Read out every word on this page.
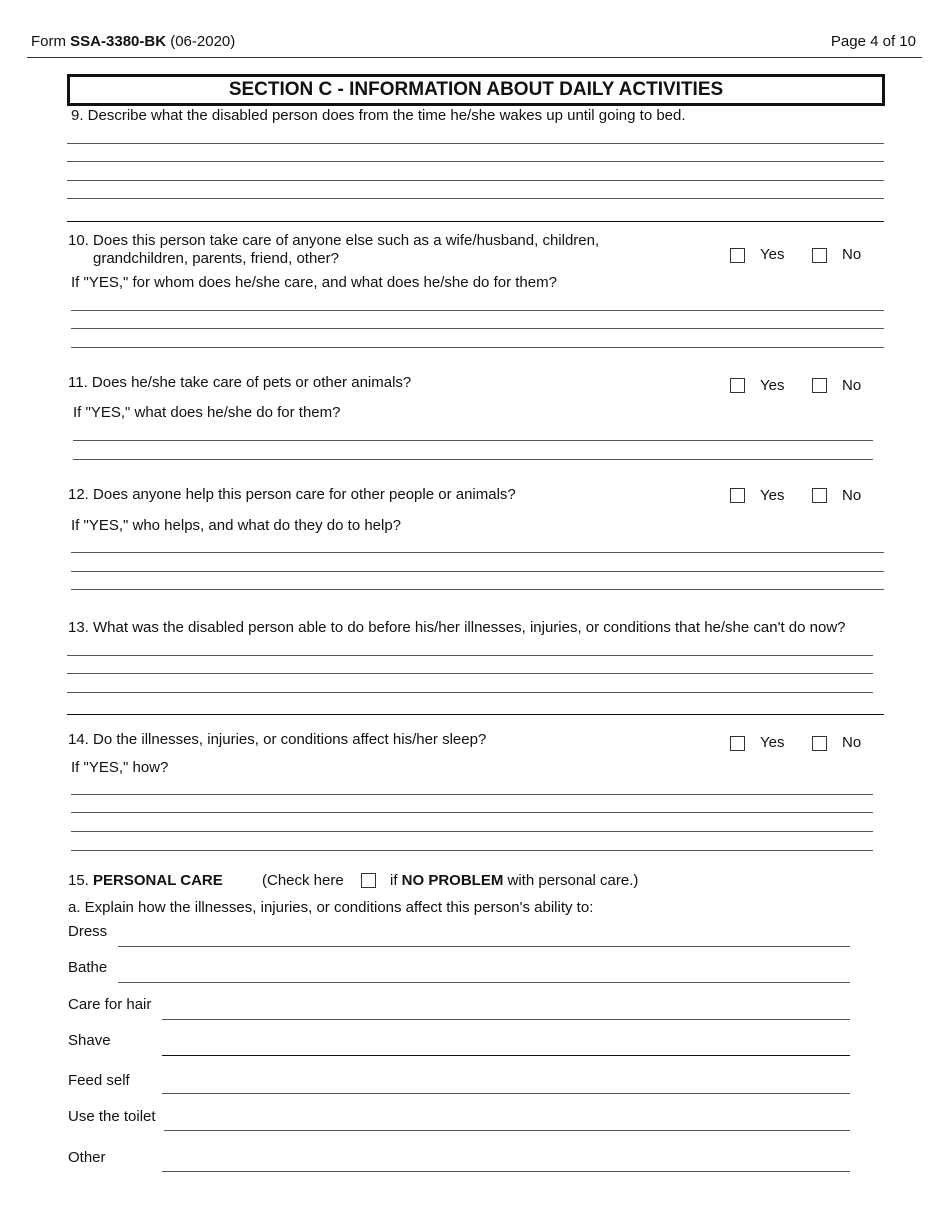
Form SSA-3380-BK (06-2020)	Page 4 of 10
SECTION C - INFORMATION ABOUT DAILY ACTIVITIES
9. Describe what the disabled person does from the time he/she wakes up until going to bed.
10. Does this person take care of anyone else such as a wife/husband, children,
grandchildren, parents, friend, other?	Yes	No
If "YES," for whom does he/she care, and what does he/she do for them?
11. Does he/she take care of pets or other animals?	Yes	No
If "YES," what does he/she do for them?
12. Does anyone help this person care for other people or animals?	Yes	No
If "YES," who helps, and what do they do to help?
13. What was the disabled person able to do before his/her illnesses, injuries, or conditions that he/she can't do now?
14. Do the illnesses, injuries, or conditions affect his/her sleep?	Yes	No
If "YES," how?
15. PERSONAL CARE	(Check here	if NO PROBLEM with personal care.)
a. Explain how the illnesses, injuries, or conditions affect this person's ability to:
Dress
Bathe
Care for hair
Shave
Feed self
Use the toilet
Other
